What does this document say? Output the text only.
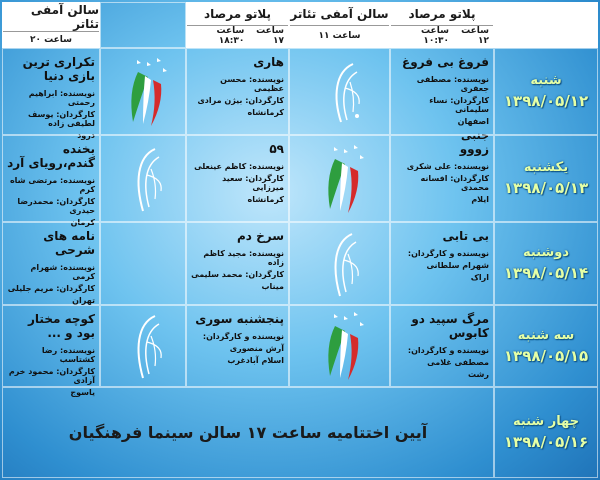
پلاتو مرصاد
ساعت ۱۲
ساعت ۱۰:۳۰
سالن آمفی تئاتر
ساعت ۱۱
پلاتو مرصاد
ساعت ۱۷
ساعت ۱۸:۳۰
سالن آمفی تئاتر
ساعت ۲۰
شنبه
۱۳۹۸/۰۵/۱۲
یکشنبه
۱۳۹۸/۰۵/۱۳
دوشنبه
۱۳۹۸/۰۵/۱۴
سه شنبه
۱۳۹۸/۰۵/۱۵
چهار شنبه
۱۳۹۸/۰۵/۱۶
فروغ بی فروغ
نویسنده: مصطفی جعفری
کارگردان: نساء سلیمانی
اصفهان
جنبی
هاری
نویسنده: محسن عظیمی
کارگردان: بیژن مرادی
کرمانشاه
تکراری ترین بازی دنیا
نویسنده: ابراهیم رحمتی
کارگردان: یوسف لطیفی زاده
درود
زووو
نویسنده: علی شکری
کارگردان: افسانه محمدی
ایلام
۵۹
نویسنده: کاظم عینعلی
کارگردان: سعید میرزایی
کرمانشاه
بخنده گندم،رویای آرد
نویسنده: مرتضی شاه کرم
کارگردان: محمدرضا حیدری
کرمان
بی تابی
نویسنده و کارگردان:
شهرام سلطانی
اراک
سرخ دم
نویسنده: مجید کاظم زاده
کارگردان: محمد سلیمی
میناب
نامه های شرحی
نویسنده: شهرام کرمی
کارگردان: مریم جلیلی
تهران
مرگ سپید دو کابوس
نویسنده و کارگردان:
مصطفی غلامی
رشت
پنجشنبه سوری
نویسنده و کارگردان:
آرش منصوری
اسلام آبادغرب
کوچه مختار بود و ...
نویسنده: رضا کشتاسب
کارگردان: محمود خرم آزادی
یاسوج
آیین اختتامیه ساعت ۱۷ سالن سینما فرهنگیان
